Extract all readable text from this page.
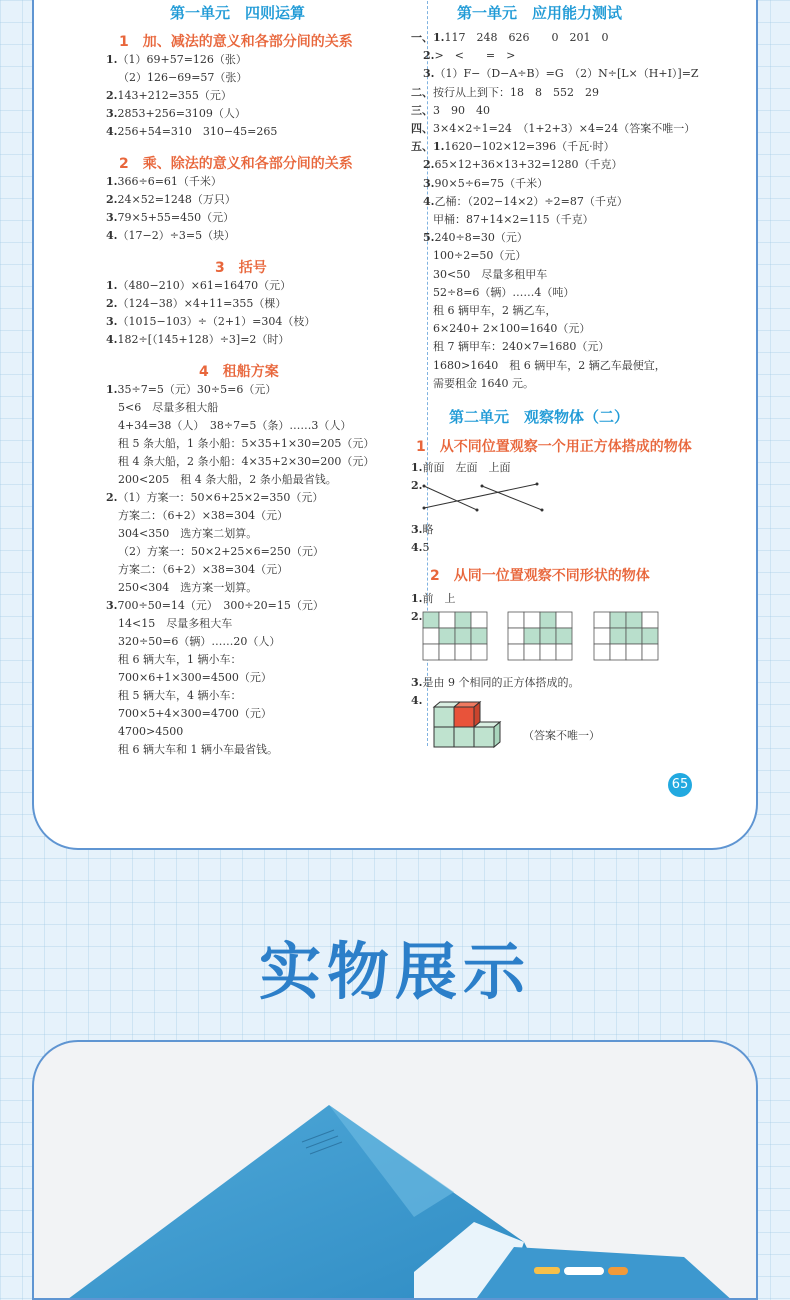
（答案不唯一）
65
实物展示
第一单元　四则运算
1　加、减法的意义和各部分间的关系
1.（1）69+57=126（张）
（2）126−69=57（张）
2.143+212=355（元）
3.2853+256=3109（人）
4.256+54=310　310−45=265
2　乘、除法的意义和各部分间的关系
1.366÷6=61（千米）
2.24×52=1248（万只）
3.79×5+55=450（元）
4.（17−2）÷3=5（块）
3　括号
1.（480−210）×61=16470（元）
2.（124−38）×4+11=355（棵）
3.（1015−103）÷（2+1）=304（枝）
4.182÷[（145+128）÷3]=2（时）
4　租船方案
1.35÷7=5（元）30÷5=6（元）
5<6　尽量多租大船
4+34=38（人）　38÷7=5（条）……3（人）
租 5 条大船，1 条小船：5×35+1×30=205（元）
租 4 条大船，2 条小船：4×35+2×30=200（元）
200<205　租 4 条大船，2 条小船最省钱。
2.（1）方案一：50×6+25×2=350（元）
方案二：（6+2）×38=304（元）
304<350　选方案二划算。
（2）方案一：50×2+25×6=250（元）
方案二：（6+2）×38=304（元）
250<304　选方案一划算。
3.700÷50=14（元）　300÷20=15（元）
14<15　尽量多租大车
320÷50=6（辆）……20（人）
租 6 辆大车，1 辆小车：
700×6+1×300=4500（元）
租 5 辆大车，4 辆小车：
700×5+4×300=4700（元）
4700>4500
租 6 辆大车和 1 辆小车最省钱。
第一单元　应用能力测试
一、1.117　248　626　　0　201　0
2.>　<　　=　>
3.（1）F−（D−A÷B）=G　（2）N÷[L×（H+I）]=Z
二、按行从上到下：18　8　552　29
三、3　90　40
四、3×4×2÷1=24　（1+2+3）×4=24（答案不唯一）
五、1.1620−102×12=396（千瓦·时）
2.65×12+36×13+32=1280（千克）
3.90×5÷6=75（千米）
4.乙桶：（202−14×2）÷2=87（千克）
甲桶：87+14×2=115（千克）
5.240÷8=30（元）
100÷2=50（元）
30<50　尽量多租甲车
52÷8=6（辆）……4（吨）
租 6 辆甲车，2 辆乙车，
6×240+ 2×100=1640（元）
租 7 辆甲车：240×7=1680（元）
1680>1640　租 6 辆甲车，2 辆乙车最便宜，
需要租金 1640 元。
第二单元　观察物体（二）
1　从不同位置观察一个用正方体搭成的物体
1.前面　左面　上面
2.
3.略
4.5
2　从同一位置观察不同形状的物体
1.前　上
2.
3.是由 9 个相同的正方体搭成的。
4.
